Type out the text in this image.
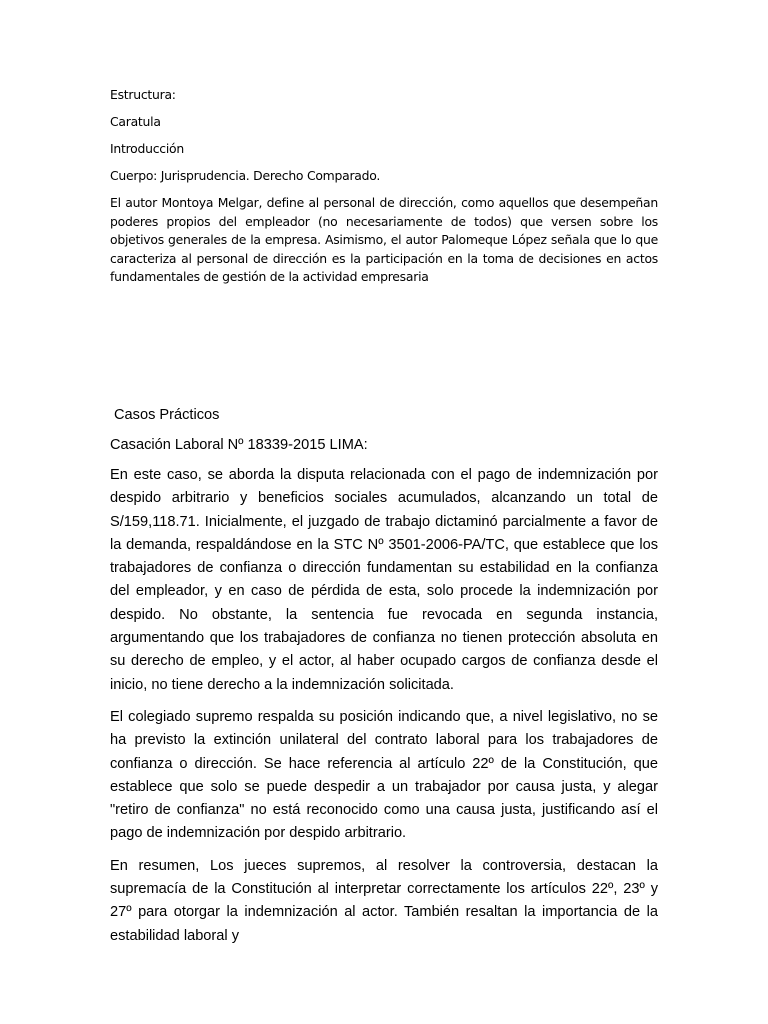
Estructura:

Caratula

Introducción

Cuerpo: Jurisprudencia. Derecho Comparado.

El autor Montoya Melgar, define al personal de dirección, como aquellos que desempeñan poderes propios del empleador (no necesariamente de todos) que versen sobre los objetivos generales de la empresa. Asimismo, el autor Palomeque López señala que lo que caracteriza al personal de dirección es la participación en la toma de decisiones en actos fundamentales de gestión de la actividad empresaria

Casos Prácticos

Casación Laboral Nº 18339-2015 LIMA:

En este caso, se aborda la disputa relacionada con el pago de indemnización por despido arbitrario y beneficios sociales acumulados, alcanzando un total de S/159,118.71. Inicialmente, el juzgado de trabajo dictaminó parcialmente a favor de la demanda, respaldándose en la STC Nº 3501-2006-PA/TC, que establece que los trabajadores de confianza o dirección fundamentan su estabilidad en la confianza del empleador, y en caso de pérdida de esta, solo procede la indemnización por despido. No obstante, la sentencia fue revocada en segunda instancia, argumentando que los trabajadores de confianza no tienen protección absoluta en su derecho de empleo, y el actor, al haber ocupado cargos de confianza desde el inicio, no tiene derecho a la indemnización solicitada.

El colegiado supremo respalda su posición indicando que, a nivel legislativo, no se ha previsto la extinción unilateral del contrato laboral para los trabajadores de confianza o dirección. Se hace referencia al artículo 22º de la Constitución, que establece que solo se puede despedir a un trabajador por causa justa, y alegar "retiro de confianza" no está reconocido como una causa justa, justificando así el pago de indemnización por despido arbitrario.

En resumen, Los jueces supremos, al resolver la controversia, destacan la supremacía de la Constitución al interpretar correctamente los artículos 22º, 23º y 27º para otorgar la indemnización al actor. También resaltan la importancia de la estabilidad laboral y
